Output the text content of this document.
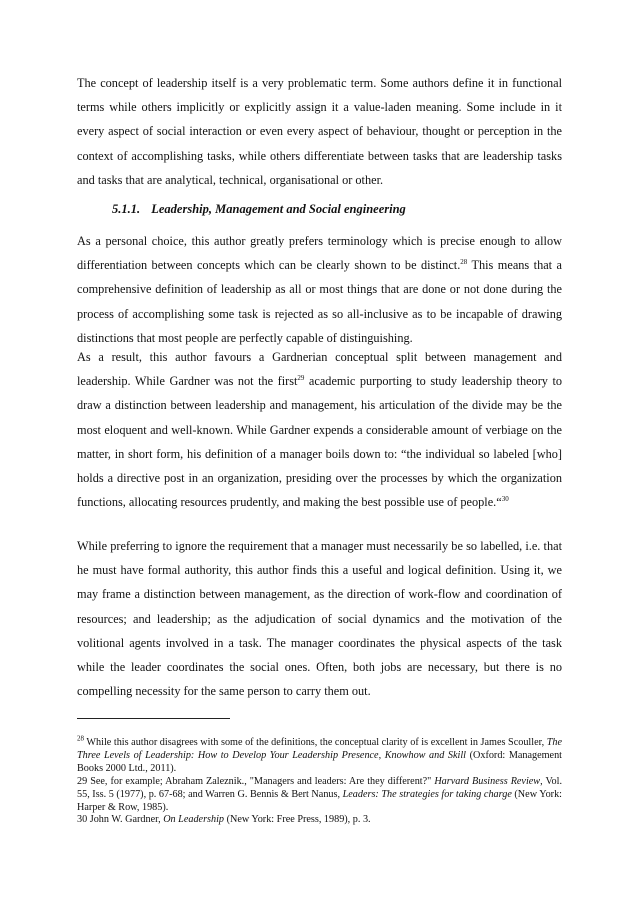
The concept of leadership itself is a very problematic term. Some authors define it in functional terms while others implicitly or explicitly assign it a value-laden meaning. Some include in it every aspect of social interaction or even every aspect of behaviour, thought or perception in the context of accomplishing tasks, while others differentiate between tasks that are leadership tasks and tasks that are analytical, technical, organisational or other.

5.1.1. Leadership, Management and Social engineering

As a personal choice, this author greatly prefers terminology which is precise enough to allow differentiation between concepts which can be clearly shown to be distinct.$^{28}$ This means that a comprehensive definition of leadership as all or most things that are done or not done during the process of accomplishing some task is rejected as so all-inclusive as to be incapable of drawing distinctions that most people are perfectly capable of distinguishing.

As a result, this author favours a Gardnerian conceptual split between management and leadership. While Gardner was not the first$^{29}$ academic purporting to study leadership theory to draw a distinction between leadership and management, his articulation of the divide may be the most eloquent and well-known. While Gardner expends a considerable amount of verbiage on the matter, in short form, his definition of a manager boils down to: “the individual so labeled [who] holds a directive post in an organization, presiding over the processes by which the organization functions, allocating resources prudently, and making the best possible use of people.“$^{30}$

While preferring to ignore the requirement that a manager must necessarily be so labelled, i.e. that he must have formal authority, this author finds this a useful and logical definition. Using it, we may frame a distinction between management, as the direction of work-flow and coordination of resources; and leadership; as the adjudication of social dynamics and the motivation of the volitional agents involved in a task. The manager coordinates the physical aspects of the task while the leader coordinates the social ones. Often, both jobs are necessary, but there is no compelling necessity for the same person to carry them out.

$^{28}$ While this author disagrees with some of the definitions, the conceptual clarity of is excellent in James Scouller, The Three Levels of Leadership: How to Develop Your Leadership Presence, Knowhow and Skill (Oxford: Management Books 2000 Ltd., 2011).

29 See, for example; Abraham Zaleznik., "Managers and leaders: Are they different?" Harvard Business Review, Vol. 55, Iss. 5 (1977), p. 67-68; and Warren G. Bennis & Bert Nanus, Leaders: The strategies for taking charge (New York: Harper & Row, 1985).

30 John W. Gardner, On Leadership (New York: Free Press, 1989), p. 3.
